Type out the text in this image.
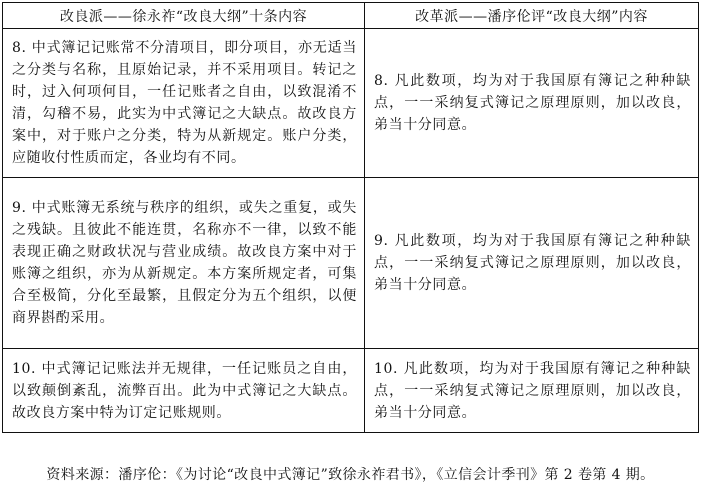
改良派——徐永祚“改良大纲”十条内容	改革派——潘序伦评“改良大纲”内容

8. 中式簿记记账常不分清项目，即分项目，亦无适当之分类与名称，且原始记录，并不采用项目。转记之时，过入何项何目，一任记账者之自由，以致混淆不清，勾稽不易，此实为中式簿记之大缺点。故改良方案中，对于账户之分类，特为从新规定。账户分类，应随收付性质而定，各业均有不同。	8. 凡此数项，均为对于我国原有簿记之种种缺点，一一采纳复式簿记之原理原则，加以改良，弟当十分同意。

9. 中式账簿无系统与秩序的组织，或失之重复，或失之残缺。且彼此不能连贯，名称亦不一律，以致不能表现正确之财政状况与营业成绩。故改良方案中对于账簿之组织，亦为从新规定。本方案所规定者，可集合至极简，分化至最繁，且假定分为五个组织，以便商界斟酌采用。	9. 凡此数项，均为对于我国原有簿记之种种缺点，一一采纳复式簿记之原理原则，加以改良，弟当十分同意。

10. 中式簿记记账法并无规律，一任记账员之自由，以致颠倒紊乱，流弊百出。此为中式簿记之大缺点。故改良方案中特为订定记账规则。	10. 凡此数项，均为对于我国原有簿记之种种缺点，一一采纳复式簿记之原理原则，加以改良，弟当十分同意。
资料来源：潘序伦：《为讨论“改良中式簿记”致徐永祚君书》，《立信会计季刊》第 2 卷第 4 期。
